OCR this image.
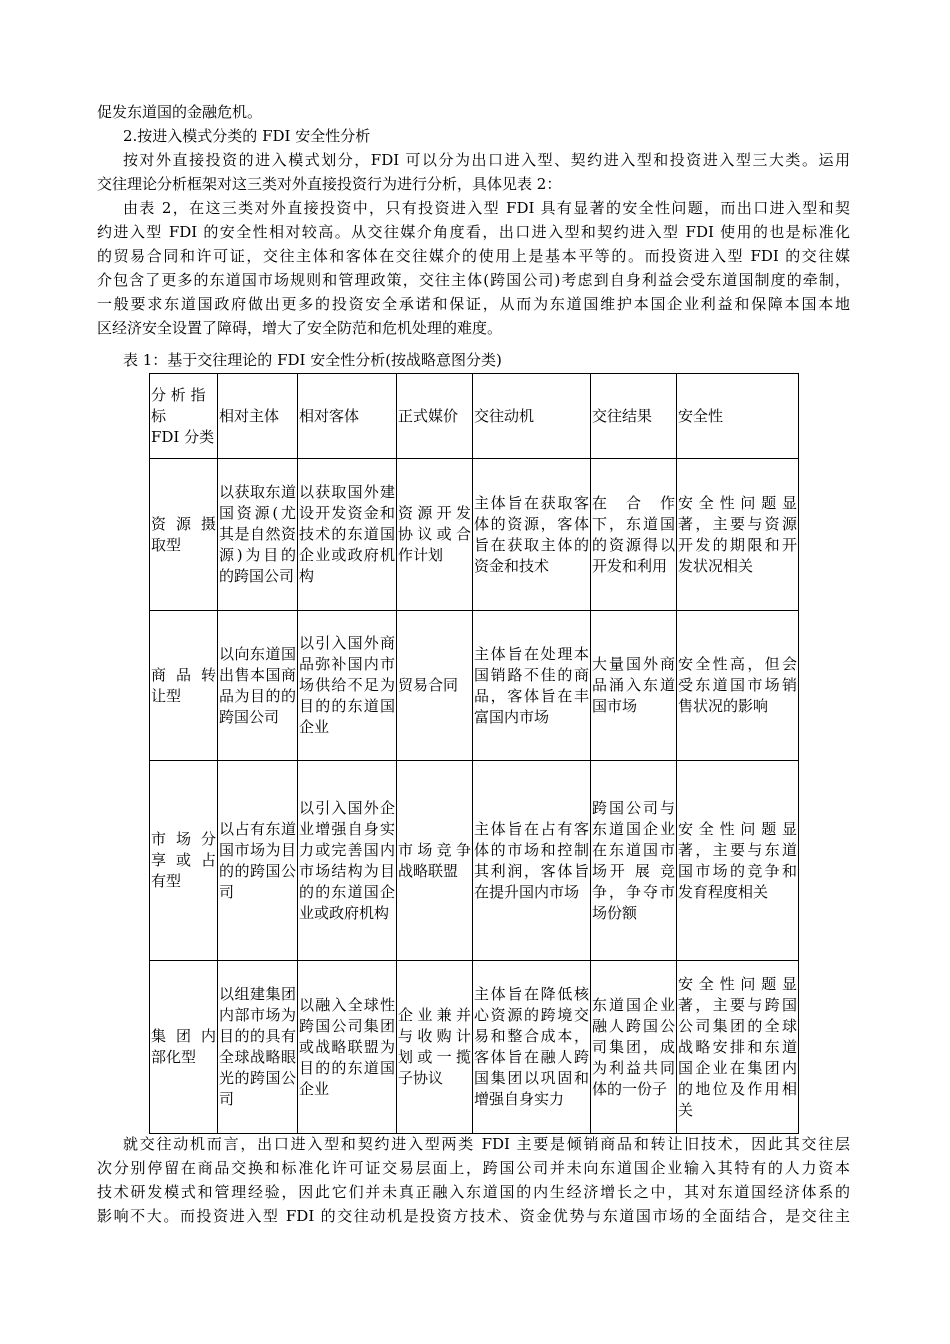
促发东道国的金融危机。
2.按进入模式分类的 FDI 安全性分析
按对外直接投资的进入模式划分，FDI 可以分为出口进入型、契约进入型和投资进入型三大类。运用
交往理论分析框架对这三类对外直接投资行为进行分析，具体见表 2：
由表 2，在这三类对外直接投资中，只有投资进入型 FDI 具有显著的安全性问题，而出口进入型和契
约进入型 FDI 的安全性相对较高。从交往媒介角度看，出口进入型和契约进入型 FDI 使用的也是标准化
的贸易合同和许可证，交往主体和客体在交往媒介的使用上是基本平等的。而投资进入型 FDI 的交往媒
介包含了更多的东道国市场规则和管理政策，交往主体(跨国公司)考虑到自身利益会受东道国制度的牵制，
一般要求东道国政府做出更多的投资安全承诺和保证，从而为东道国维护本国企业利益和保障本国本地
区经济安全设置了障碍，增大了安全防范和危机处理的难度。
表 1：基于交往理论的 FDI 安全性分析(按战略意图分类)
分 析 指
标
FDI 分类	相对主体	相对客体	正式媒价	交往动机	交往结果	安全性
资 源 摄取型	以获取东道国资源(尤其是自然资源)为目的的跨国公司	以获取国外建设开发资金和技术的东道国企业或政府机构	资源开发协议或合作计划	主体旨在获取客体的资源，客体旨在获取主体的资金和技术	在 合 作下，东道国的资源得以开发和利用	安全性问题显著，主要与资源开发的期限和开发状况相关
商 品 转让型	以向东道国出售本国商品为目的的跨国公司	以引入国外商品弥补国内市场供给不足为目的的东道国企业	贸易合同	主体旨在处理本国销路不佳的商品，客体旨在丰富国内市场	大量国外商品涌入东道国市场	安全性高，但会受东道国市场销售状况的影响
市 场 分享 或 占有型	以占有东道国市场为目的的跨国公司	以引入国外企业增强自身实力或完善国内市场结构为目的的东道国企业或政府机构	市场竞争战略联盟	主体旨在占有客体的市场和控制其利润，客体旨在提升国内市场	跨国公司与东道国企业在东道国市场开 展 竞争，争夺市场份额	安全性问题显著，主要与东道国市场的竞争和发育程度相关
集 团 内部化型	以组建集团内部市场为目的的具有全球战略眼光的跨国公司	以融入全球性跨国公司集团或战略联盟为目的的东道国企业	企业兼并与收购计划或一揽子协议	主体旨在降低核心资源的跨境交易和整合成本，客体旨在融人跨国集团以巩固和增强自身实力	东道国企业融人跨国公司集团，成为利益共同体的一份子	安全性问题显著，主要与跨国公司集团的全球战略安排和东道国企业在集团内的地位及作用相关
就交往动机而言，出口进入型和契约进入型两类 FDI 主要是倾销商品和转让旧技术，因此其交往层
次分别停留在商品交换和标准化许可证交易层面上，跨国公司并未向东道国企业输入其特有的人力资本
技术研发模式和管理经验，因此它们并未真正融入东道国的内生经济增长之中，其对东道国经济体系的
影响不大。而投资进入型 FDI 的交往动机是投资方技术、资金优势与东道国市场的全面结合，是交往主
